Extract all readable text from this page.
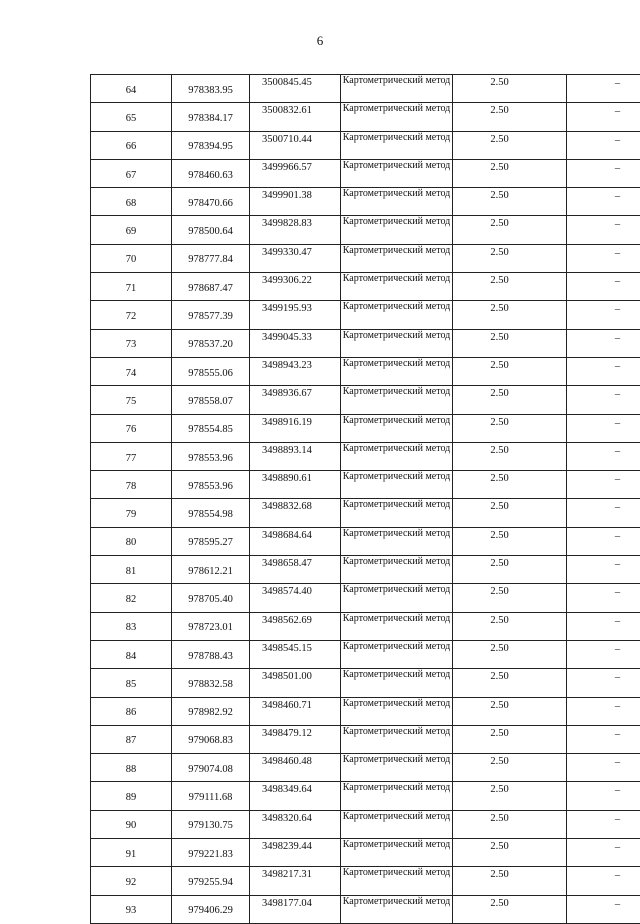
6
64	978383.95	3500845.45	Картометрический метод	2.50	–
65	978384.17	3500832.61	Картометрический метод	2.50	–
66	978394.95	3500710.44	Картометрический метод	2.50	–
67	978460.63	3499966.57	Картометрический метод	2.50	–
68	978470.66	3499901.38	Картометрический метод	2.50	–
69	978500.64	3499828.83	Картометрический метод	2.50	–
70	978777.84	3499330.47	Картометрический метод	2.50	–
71	978687.47	3499306.22	Картометрический метод	2.50	–
72	978577.39	3499195.93	Картометрический метод	2.50	–
73	978537.20	3499045.33	Картометрический метод	2.50	–
74	978555.06	3498943.23	Картометрический метод	2.50	–
75	978558.07	3498936.67	Картометрический метод	2.50	–
76	978554.85	3498916.19	Картометрический метод	2.50	–
77	978553.96	3498893.14	Картометрический метод	2.50	–
78	978553.96	3498890.61	Картометрический метод	2.50	–
79	978554.98	3498832.68	Картометрический метод	2.50	–
80	978595.27	3498684.64	Картометрический метод	2.50	–
81	978612.21	3498658.47	Картометрический метод	2.50	–
82	978705.40	3498574.40	Картометрический метод	2.50	–
83	978723.01	3498562.69	Картометрический метод	2.50	–
84	978788.43	3498545.15	Картометрический метод	2.50	–
85	978832.58	3498501.00	Картометрический метод	2.50	–
86	978982.92	3498460.71	Картометрический метод	2.50	–
87	979068.83	3498479.12	Картометрический метод	2.50	–
88	979074.08	3498460.48	Картометрический метод	2.50	–
89	979111.68	3498349.64	Картометрический метод	2.50	–
90	979130.75	3498320.64	Картометрический метод	2.50	–
91	979221.83	3498239.44	Картометрический метод	2.50	–
92	979255.94	3498217.31	Картометрический метод	2.50	–
93	979406.29	3498177.04	Картометрический метод	2.50	–
